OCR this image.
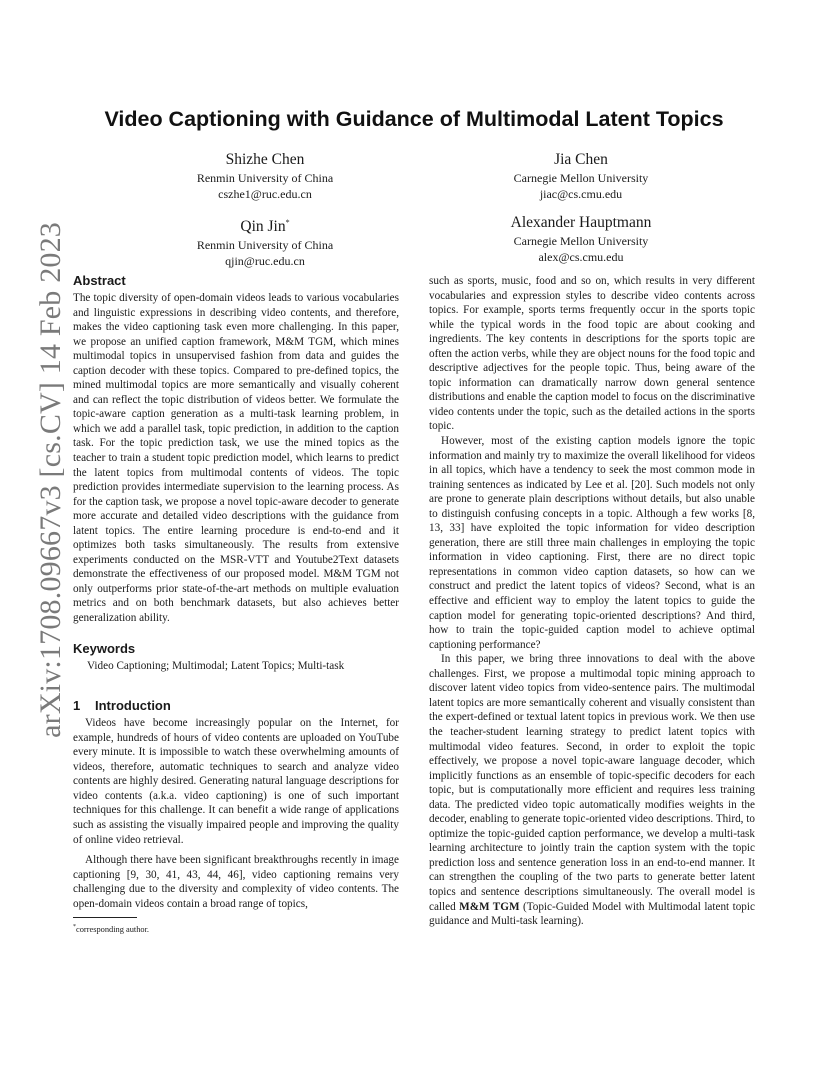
arXiv:1708.09667v3 [cs.CV] 14 Feb 2023
Video Captioning with Guidance of Multimodal Latent Topics
Shizhe Chen
Renmin University of China
cszhe1@ruc.edu.cn
Jia Chen
Carnegie Mellon University
jiac@cs.cmu.edu
Qin Jin*
Renmin University of China
qjin@ruc.edu.cn
Alexander Hauptmann
Carnegie Mellon University
alex@cs.cmu.edu
Abstract

The topic diversity of open-domain videos leads to various vocabularies and linguistic expressions in describing video contents, and therefore, makes the video captioning task even more challenging. In this paper, we propose an unified caption framework, M&M TGM, which mines multimodal topics in unsupervised fashion from data and guides the caption decoder with these topics. Compared to pre-defined topics, the mined multimodal topics are more semantically and visually coherent and can reflect the topic distribution of videos better. We formulate the topic-aware caption generation as a multi-task learning problem, in which we add a parallel task, topic prediction, in addition to the caption task. For the topic prediction task, we use the mined topics as the teacher to train a student topic prediction model, which learns to predict the latent topics from multimodal contents of videos. The topic prediction provides intermediate supervision to the learning process. As for the caption task, we propose a novel topic-aware decoder to generate more accurate and detailed video descriptions with the guidance from latent topics. The entire learning procedure is end-to-end and it optimizes both tasks simultaneously. The results from extensive experiments conducted on the MSR-VTT and Youtube2Text datasets demonstrate the effectiveness of our proposed model. M&M TGM not only outperforms prior state-of-the-art methods on multiple evaluation metrics and on both benchmark datasets, but also achieves better generalization ability.

Keywords

Video Captioning; Multimodal; Latent Topics; Multi-task

1 Introduction

Videos have become increasingly popular on the Internet, for example, hundreds of hours of video contents are uploaded on YouTube every minute. It is impossible to watch these overwhelming amounts of videos, therefore, automatic techniques to search and analyze video contents are highly desired. Generating natural language descriptions for video contents (a.k.a. video captioning) is one of such important techniques for this challenge. It can benefit a wide range of applications such as assisting the visually impaired people and improving the quality of online video retrieval.

Although there have been significant breakthroughs recently in image captioning [9, 30, 41, 43, 44, 46], video captioning remains very challenging due to the diversity and complexity of video contents. The open-domain videos contain a broad range of topics,

*corresponding author.

such as sports, music, food and so on, which results in very different vocabularies and expression styles to describe video contents across topics. For example, sports terms frequently occur in the sports topic while the typical words in the food topic are about cooking and ingredients. The key contents in descriptions for the sports topic are often the action verbs, while they are object nouns for the food topic and descriptive adjectives for the people topic. Thus, being aware of the topic information can dramatically narrow down general sentence distributions and enable the caption model to focus on the discriminative video contents under the topic, such as the detailed actions in the sports topic.

However, most of the existing caption models ignore the topic information and mainly try to maximize the overall likelihood for videos in all topics, which have a tendency to seek the most common mode in training sentences as indicated by Lee et al. [20]. Such models not only are prone to generate plain descriptions without details, but also unable to distinguish confusing concepts in a topic. Although a few works [8, 13, 33] have exploited the topic information for video description generation, there are still three main challenges in employing the topic information in video captioning. First, there are no direct topic representations in common video caption datasets, so how can we construct and predict the latent topics of videos? Second, what is an effective and efficient way to employ the latent topics to guide the caption model for generating topic-oriented descriptions? And third, how to train the topic-guided caption model to achieve optimal captioning performance?

In this paper, we bring three innovations to deal with the above challenges. First, we propose a multimodal topic mining approach to discover latent video topics from video-sentence pairs. The multimodal latent topics are more semantically coherent and visually consistent than the expert-defined or textual latent topics in previous work. We then use the teacher-student learning strategy to predict latent topics with multimodal video features. Second, in order to exploit the topic effectively, we propose a novel topic-aware language decoder, which implicitly functions as an ensemble of topic-specific decoders for each topic, but is computationally more efficient and requires less training data. The predicted video topic automatically modifies weights in the decoder, enabling to generate topic-oriented video descriptions. Third, to optimize the topic-guided caption performance, we develop a multi-task learning architecture to jointly train the caption system with the topic prediction loss and sentence generation loss in an end-to-end manner. It can strengthen the coupling of the two parts to generate better latent topics and sentence descriptions simultaneously. The overall model is called M&M TGM (Topic-Guided Model with Multimodal latent topic guidance and Multi-task learning).
